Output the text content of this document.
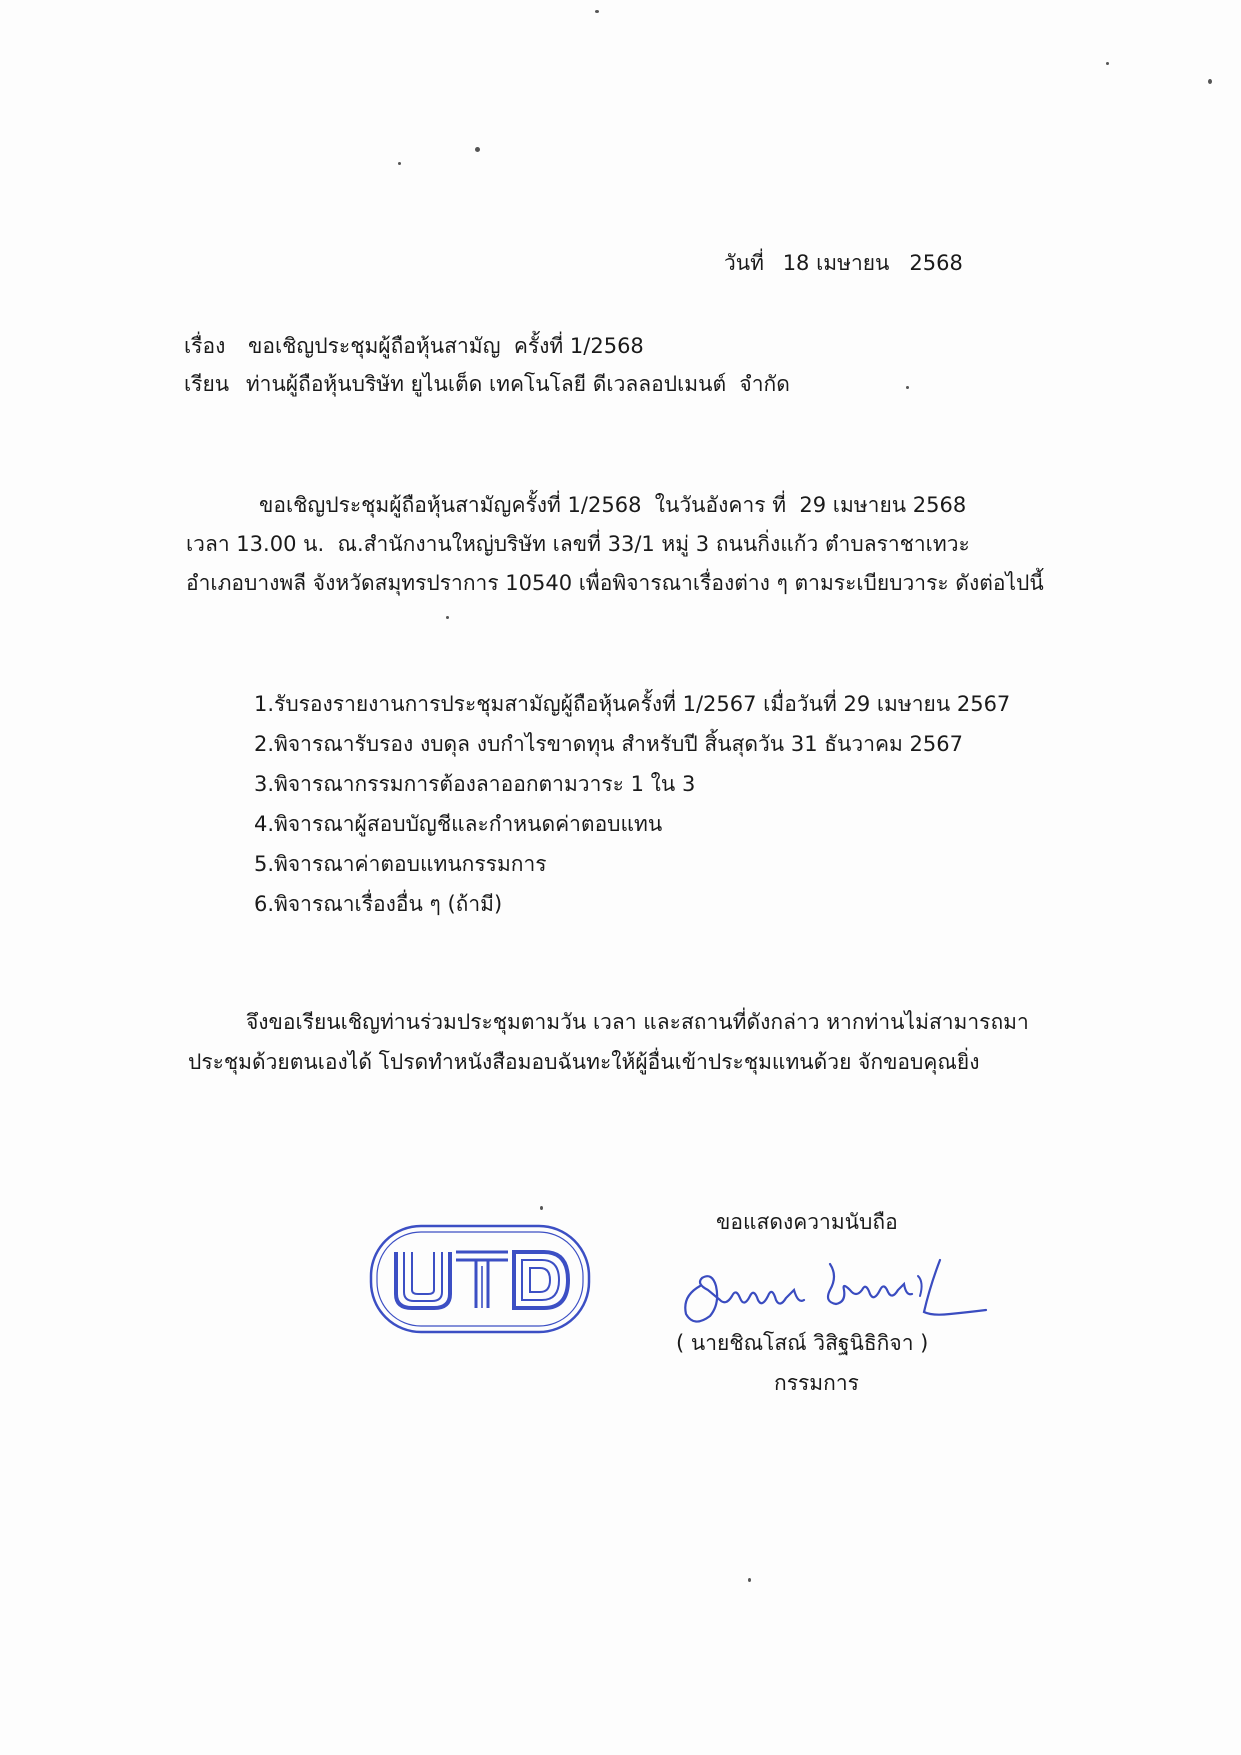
วันที่ 18 เมษายน   2568
เรื่อง ขอเชิญประชุมผู้ถือหุ้นสามัญ  ครั้งที่ 1/2568
เรียน ท่านผู้ถือหุ้นบริษัท ยูไนเต็ด เทคโนโลยี ดีเวลลอปเมนต์  จำกัด
ขอเชิญประชุมผู้ถือหุ้นสามัญครั้งที่ 1/2568  ในวันอังคาร ที่  29 เมษายน 2568
เวลา 13.00 น.  ณ.สำนักงานใหญ่บริษัท เลขที่ 33/1 หมู่ 3 ถนนกิ่งแก้ว ตำบลราชาเทวะ
อำเภอบางพลี จังหวัดสมุทรปราการ 10540 เพื่อพิจารณาเรื่องต่าง ๆ ตามระเบียบวาระ ดังต่อไปนี้
1.รับรองรายงานการประชุมสามัญผู้ถือหุ้นครั้งที่ 1/2567 เมื่อวันที่ 29 เมษายน 2567
2.พิจารณารับรอง งบดุล งบกำไรขาดทุน สำหรับปี สิ้นสุดวัน 31 ธันวาคม 2567
3.พิจารณากรรมการต้องลาออกตามวาระ 1 ใน 3
4.พิจารณาผู้สอบบัญชีและกำหนดค่าตอบแทน
5.พิจารณาค่าตอบแทนกรรมการ
6.พิจารณาเรื่องอื่น ๆ (ถ้ามี)
จึงขอเรียนเชิญท่านร่วมประชุมตามวัน เวลา และสถานที่ดังกล่าว หากท่านไม่สามารถมา
ประชุมด้วยตนเองได้ โปรดทำหนังสือมอบฉันทะให้ผู้อื่นเข้าประชุมแทนด้วย จักขอบคุณยิ่ง
ขอแสดงความนับถือ
( นายชิณโสณ์ วิสิฐนิธิกิจา )
กรรมการ
